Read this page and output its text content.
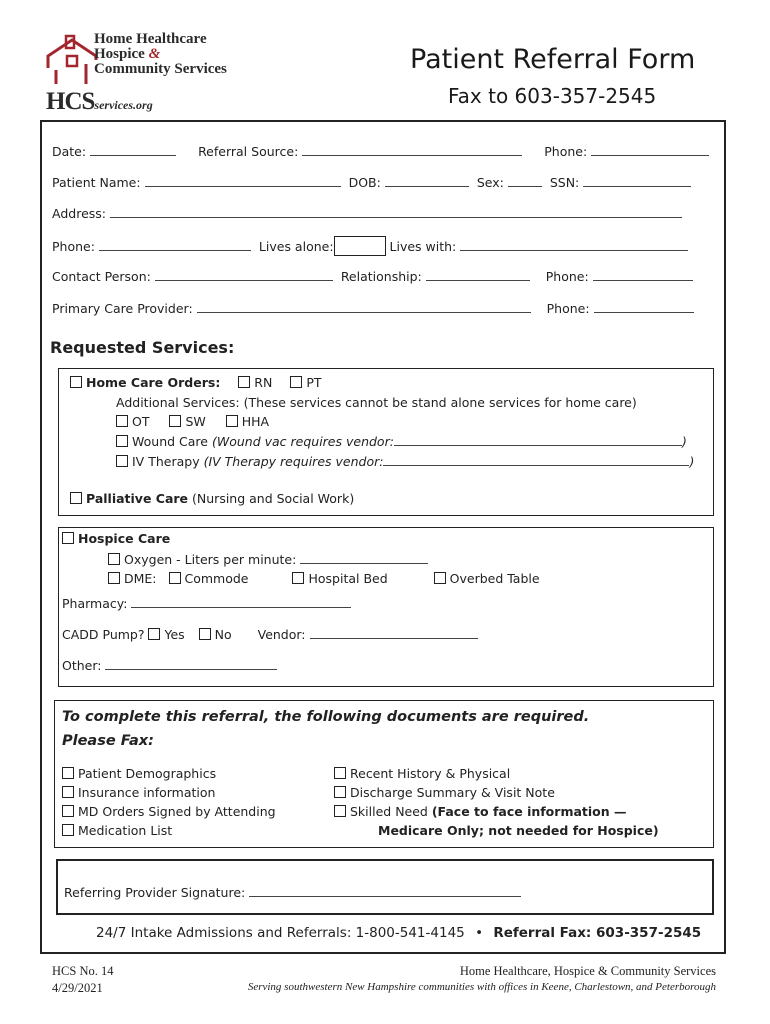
Home Healthcare
Hospice &
Community Services
HCSservices.org
Patient Referral Form
Fax to 603-357-2545
Date:	Referral Source:	Phone:
Patient Name:	DOB:	Sex:	SSN:
Address:
Phone:	Lives alone:	Lives with:
Contact Person:	Relationship:	Phone:
Primary Care Provider:	Phone:
Requested Services:
Home Care Orders:	RN	PT
Additional Services: (These services cannot be stand alone services for home care)
OT	SW	HHA
Wound Care (Wound vac requires vendor:	)
IV Therapy (IV Therapy requires vendor:	)
Palliative Care (Nursing and Social Work)
Hospice Care
Oxygen - Liters per minute:
DME: Commode	Hospital Bed	Overbed Table
Pharmacy:
CADD Pump? Yes No Vendor:
Other:
To complete this referral, the following documents are required.
Please Fax:
Patient Demographics
Insurance information
MD Orders Signed by Attending
Medication List
Recent History & Physical
Discharge Summary & Visit Note
Skilled Need (Face to face information —
Medicare Only; not needed for Hospice)
Referring Provider Signature:
24/7 Intake Admissions and Referrals: 1-800-541-4145 • Referral Fax: 603-357-2545
HCS No. 14
4/29/2021
Home Healthcare, Hospice & Community Services
Serving southwestern New Hampshire communities with offices in Keene, Charlestown, and Peterborough
